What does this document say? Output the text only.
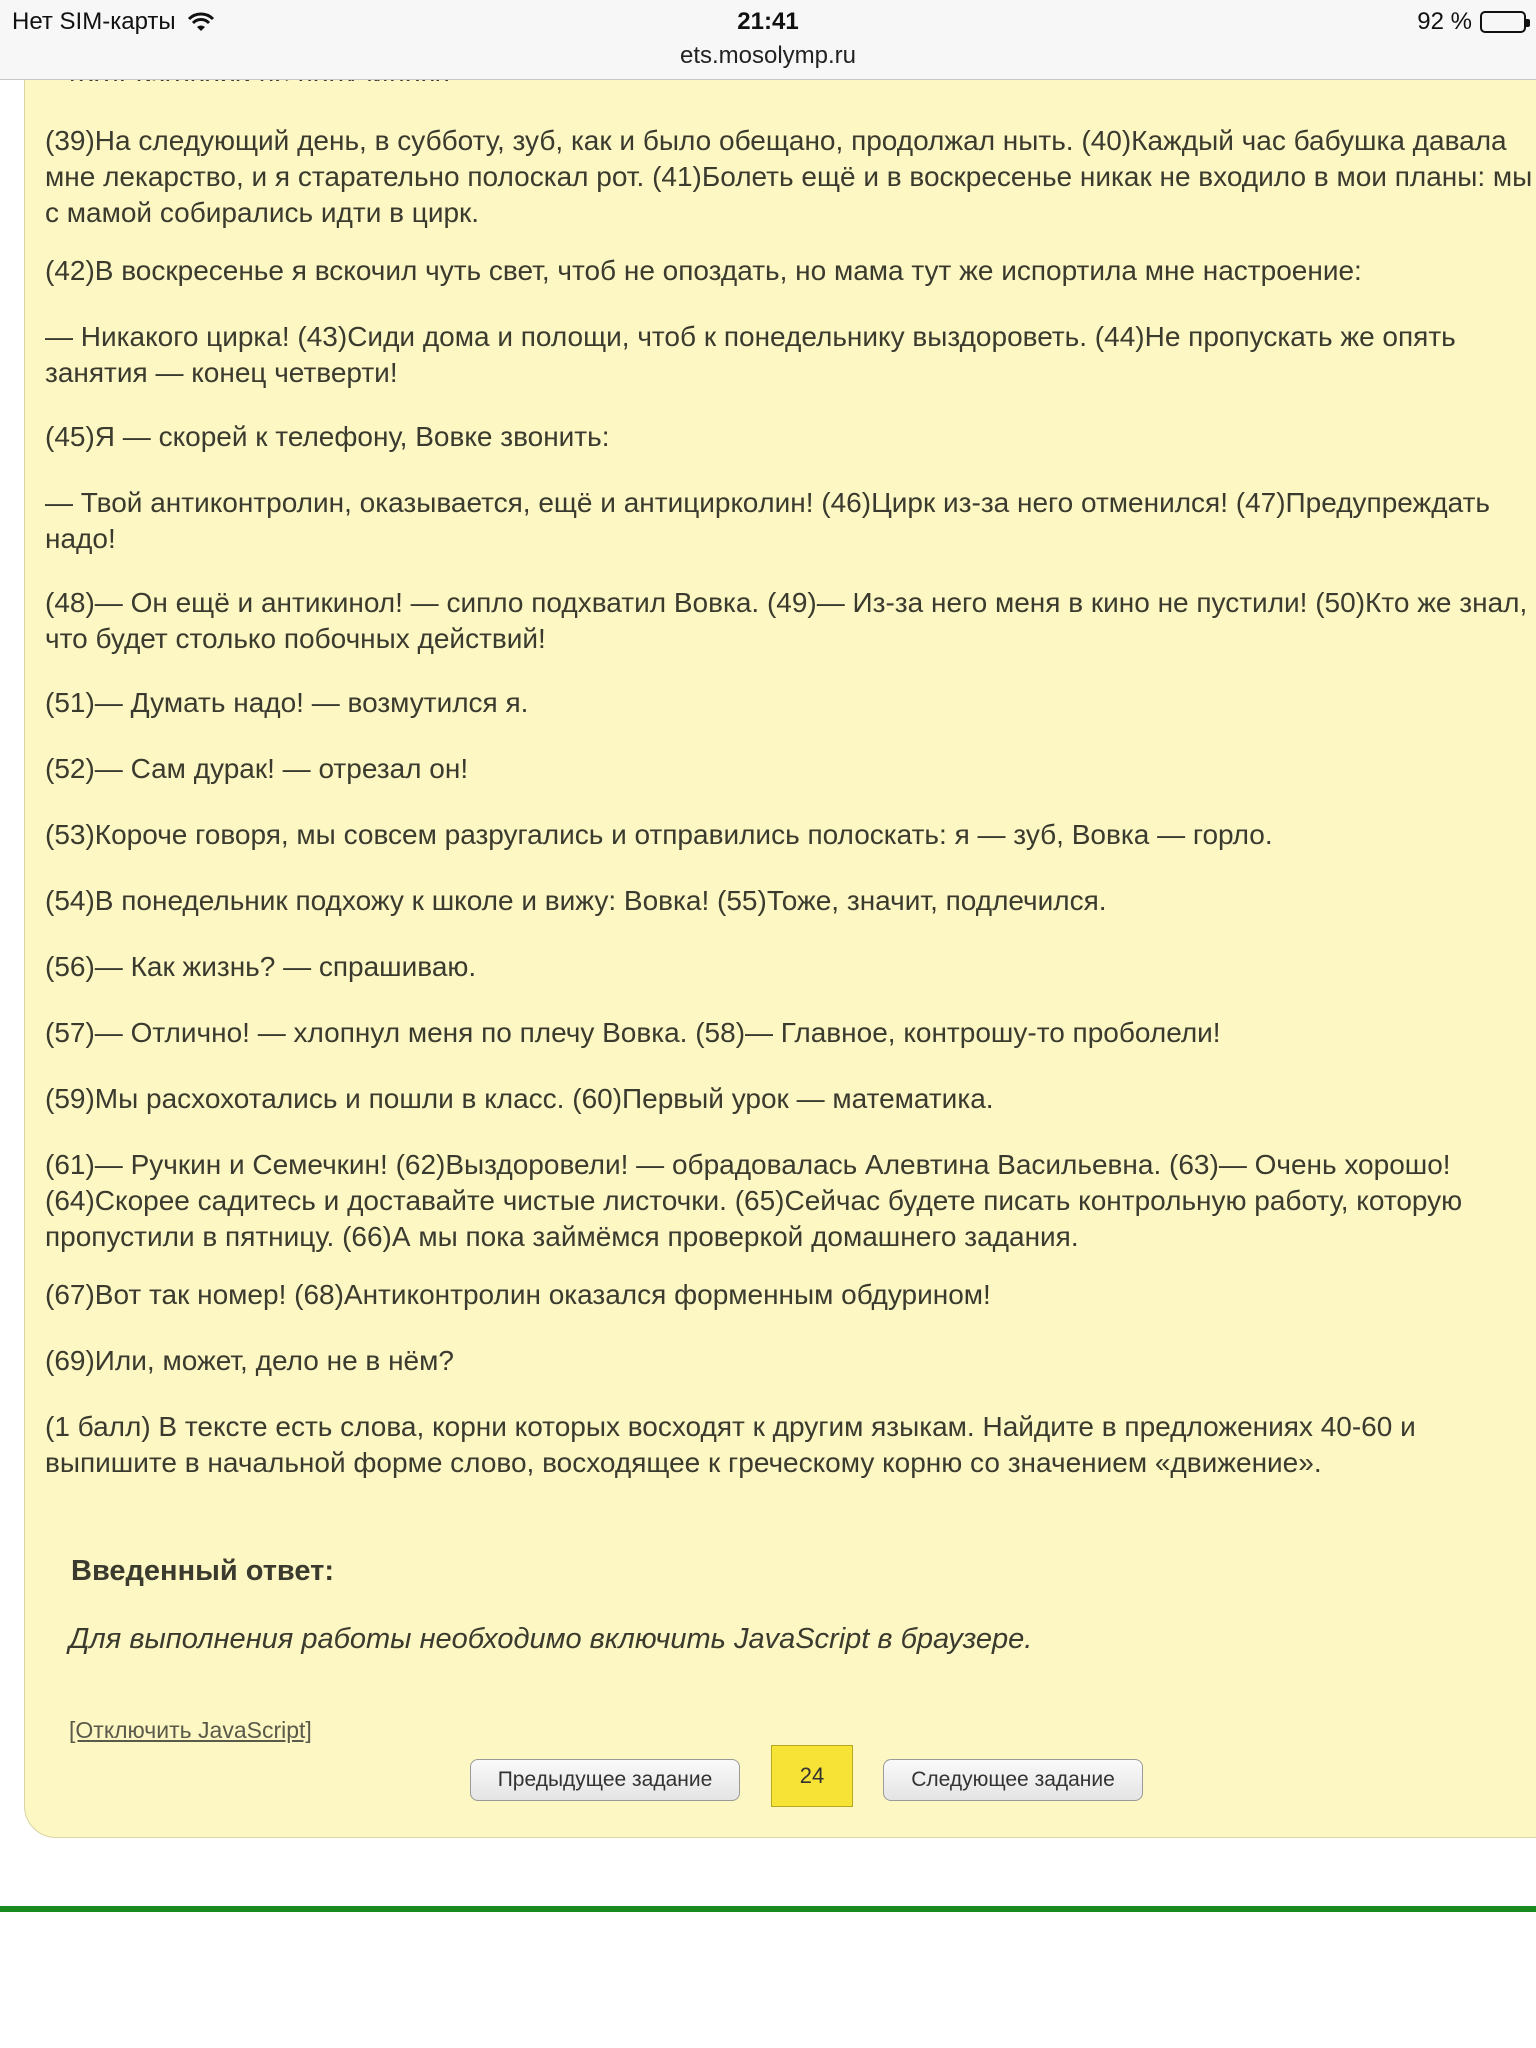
Нет SIM-карты	21:41	92 %
ets.mosolymp.ru

(39)На следующий день, в субботу, зуб, как и было обещано, продолжал ныть. (40)Каждый час бабушка давала мне лекарство, и я старательно полоскал рот. (41)Болеть ещё и в воскресенье никак не входило в мои планы: мы с мамой собирались идти в цирк.

(42)В воскресенье я вскочил чуть свет, чтоб не опоздать, но мама тут же испортила мне настроение:

— Никакого цирка! (43)Сиди дома и полощи, чтоб к понедельнику выздороветь. (44)Не пропускать же опять занятия — конец четверти!

(45)Я — скорей к телефону, Вовке звонить:

— Твой антиконтролин, оказывается, ещё и антициркoлин! (46)Цирк из-за него отменился! (47)Предупреждать надо!

(48)— Он ещё и антикинол! — сипло подхватил Вовка. (49)— Из-за него меня в кино не пустили! (50)Кто же знал, что будет столько побочных действий!

(51)— Думать надо! — возмутился я.

(52)— Сам дурак! — отрезал он!

(53)Короче говоря, мы совсем разругались и отправились полоскать: я — зуб, Вовка — горло.

(54)В понедельник подхожу к школе и вижу: Вовка! (55)Тоже, значит, подлечился.

(56)— Как жизнь? — спрашиваю.

(57)— Отлично! — хлопнул меня по плечу Вовка. (58)— Главное, контрошу-то проболели!

(59)Мы расхохотались и пошли в класс. (60)Первый урок — математика.

(61)— Ручкин и Семечкин! (62)Выздоровели! — обрадовалась Алевтина Васильевна. (63)— Очень хорошо! (64)Скорее садитесь и доставайте чистые листочки. (65)Сейчас будете писать контрольную работу, которую пропустили в пятницу. (66)А мы пока займёмся проверкой домашнего задания.

(67)Вот так номер! (68)Антиконтролин оказался форменным обдурином!

(69)Или, может, дело не в нём?

(1 балл) В тексте есть слова, корни которых восходят к другим языкам. Найдите в предложениях 40-60 и выпишите в начальной форме слово, восходящее к греческому корню со значением «движение».

Введенный ответ:
Для выполнения работы необходимо включить JavaScript в браузере.
[Отключить JavaScript]
Предыдущее задание	24	Следующее задание
